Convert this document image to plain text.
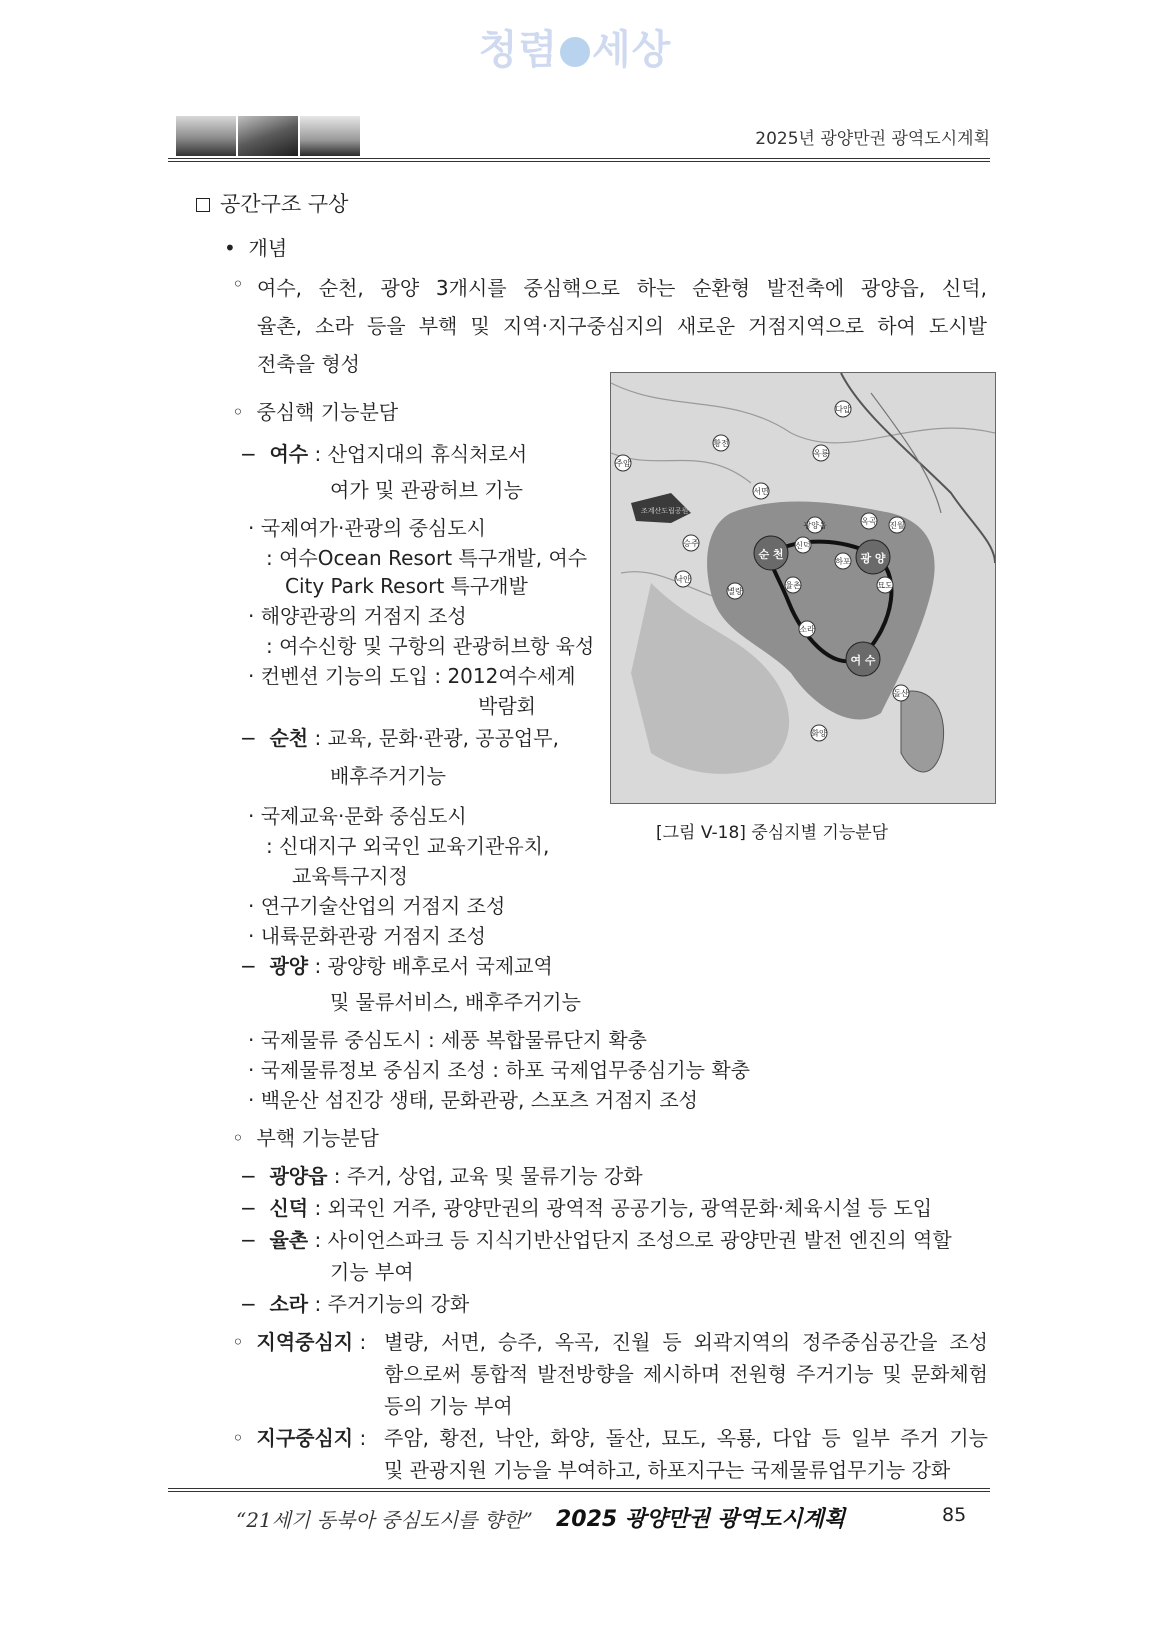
청렴 세상
2025년 광양만권 광역도시계획
공간구조 구상
•  개념
◦ 여수, 순천, 광양 3개시를 중심핵으로 하는 순환형 발전축에 광양읍, 신덕,
율촌, 소라 등을 부핵 및 지역·지구중심지의 새로운 거점지역으로 하여 도시발
전축을 형성
◦  중심핵 기능분담
−  여수 : 산업지대의 휴식처로서
여가 및 관광허브 기능
· 국제여가·관광의 중심도시
: 여수Ocean Resort 특구개발, 여수
City Park Resort 특구개발
· 해양관광의 거점지 조성
: 여수신항 및 구항의 관광허브항 육성
· 컨벤션 기능의 도입 : 2012여수세계
박람회
−  순천 : 교육, 문화·관광, 공공업무,
배후주거기능
· 국제교육·문화 중심도시
: 신대지구 외국인 교육기관유치,
교육특구지정
· 연구기술산업의 거점지 조성
· 내륙문화관광 거점지 조성
−  광양 : 광양항 배후로서 국제교역
및 물류서비스, 배후주거기능
· 국제물류 중심도시 : 세풍 복합물류단지 확충
· 국제물류정보 중심지 조성 : 하포 국제업무중심기능 확충
· 백운산 섬진강 생태, 문화관광, 스포츠 거점지 조성
◦  부핵 기능분담
−  광양읍 : 주거, 상업, 교육 및 물류기능 강화
−  신덕 : 외국인 거주, 광양만권의 광역적 공공기능, 광역문화·체육시설 등 도입
−  율촌 : 사이언스파크 등 지식기반산업단지 조성으로 광양만권 발전 엔진의 역할
기능 부여
−  소라 : 주거기능의 강화
◦  지역중심지 : 별량, 서면, 승주, 옥곡, 진월 등 외곽지역의 정주중심공간을 조성
함으로써 통합적 발전방향을 제시하며 전원형 주거기능 및 문화체험
등의 기능 부여
◦  지구중심지 : 주암, 황전, 낙안, 화양, 돌산, 묘도, 옥룡, 다압 등 일부 주거 기능
및 관광지원 기능을 부여하고, 하포지구는 국제물류업무기능 강화
조계산도립공원
순 천	광 양
여 수
다압
황전
옥룡
주암
서면
광양읍	옥곡 진월
신덕
하포
승주
낙안
별량
율촌
소라
묘도
돌산
화양
[그림 V-18] 중심지별 기능분담
“21세기 동북아 중심도시를 향한” 2025 광양만권 광역도시계획	85
